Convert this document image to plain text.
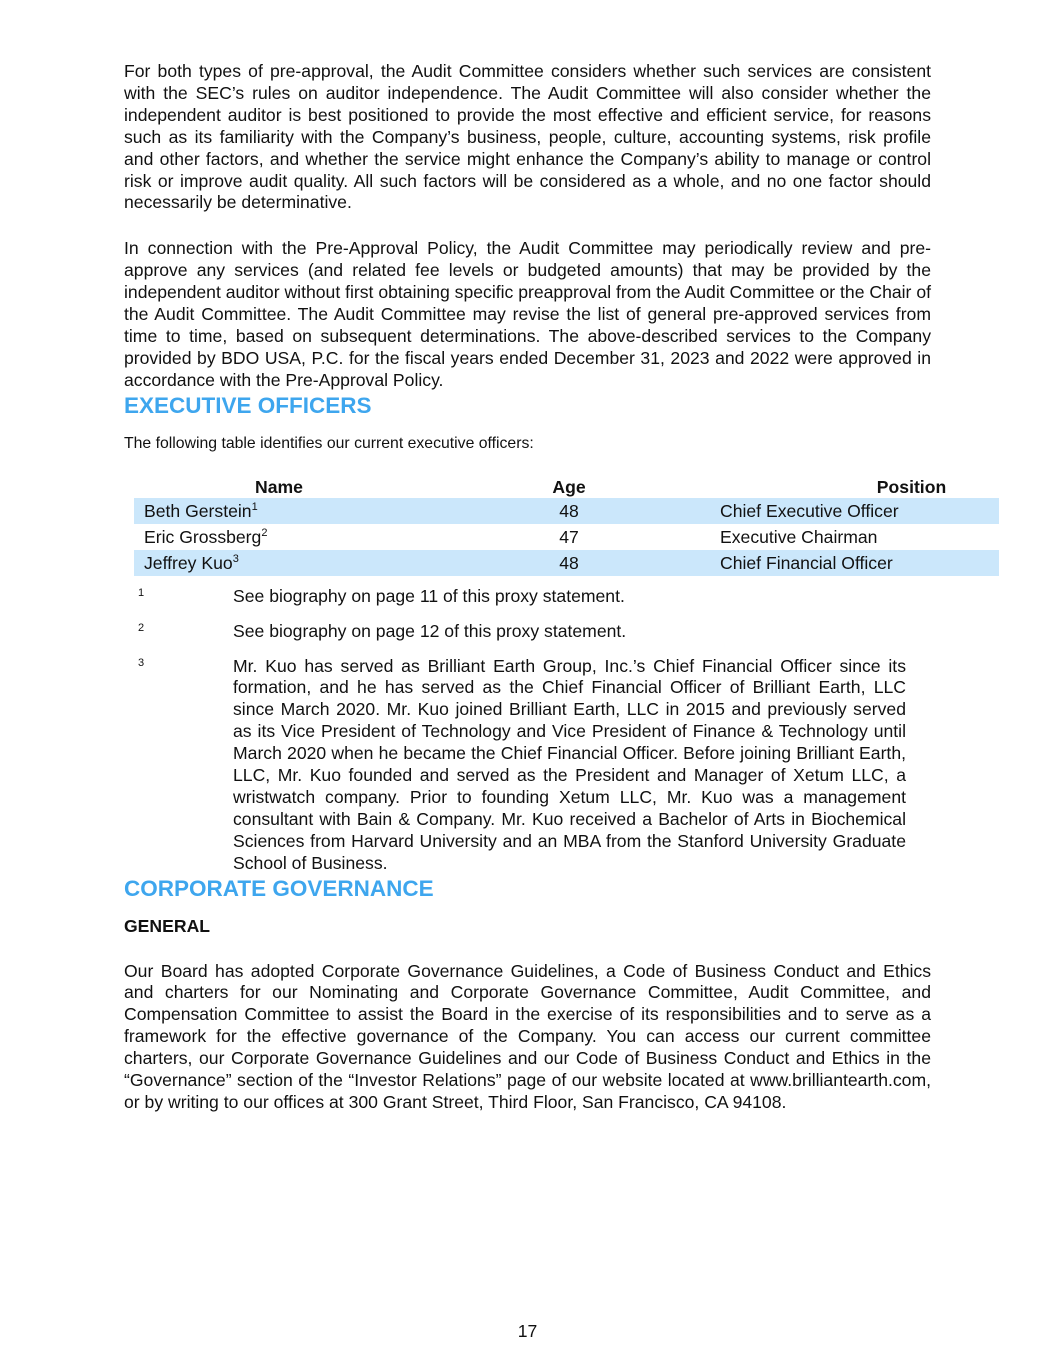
For both types of pre-approval, the Audit Committee considers whether such services are consistent with the SEC’s rules on auditor independence. The Audit Committee will also consider whether the independent auditor is best positioned to provide the most effective and efficient service, for reasons such as its familiarity with the Company’s business, people, culture, accounting systems, risk profile and other factors, and whether the service might enhance the Company’s ability to manage or control risk or improve audit quality. All such factors will be considered as a whole, and no one factor should necessarily be determinative.

In connection with the Pre-Approval Policy, the Audit Committee may periodically review and pre-approve any services (and related fee levels or budgeted amounts) that may be provided by the independent auditor without first obtaining specific preapproval from the Audit Committee or the Chair of the Audit Committee. The Audit Committee may revise the list of general pre-approved services from time to time, based on subsequent determinations. The above-described services to the Company provided by BDO USA, P.C. for the fiscal years ended December 31, 2023 and 2022 were approved in accordance with the Pre-Approval Policy.

EXECUTIVE OFFICERS
The following table identifies our current executive officers:
Name	Age	Position
Beth Gerstein$^1$	48	Chief Executive Officer
Eric Grossberg$^2$	47	Executive Chairman
Jeffrey Kuo$^3$	48	Chief Financial Officer
1	See biography on page 11 of this proxy statement.
2	See biography on page 12 of this proxy statement.
3	Mr. Kuo has served as Brilliant Earth Group, Inc.’s Chief Financial Officer since its formation, and he has served as the Chief Financial Officer of Brilliant Earth, LLC since March 2020. Mr. Kuo joined Brilliant Earth, LLC in 2015 and previously served as its Vice President of Technology and Vice President of Finance & Technology until March 2020 when he became the Chief Financial Officer. Before joining Brilliant Earth, LLC, Mr. Kuo founded and served as the President and Manager of Xetum LLC, a wristwatch company. Prior to founding Xetum LLC, Mr. Kuo was a management consultant with Bain & Company. Mr. Kuo received a Bachelor of Arts in Biochemical Sciences from Harvard University and an MBA from the Stanford University Graduate School of Business.
CORPORATE GOVERNANCE
GENERAL

Our Board has adopted Corporate Governance Guidelines, a Code of Business Conduct and Ethics and charters for our Nominating and Corporate Governance Committee, Audit Committee, and Compensation Committee to assist the Board in the exercise of its responsibilities and to serve as a framework for the effective governance of the Company. You can access our current committee charters, our Corporate Governance Guidelines and our Code of Business Conduct and Ethics in the “Governance” section of the “Investor Relations” page of our website located at www.brilliantearth.com, or by writing to our offices at 300 Grant Street, Third Floor, San Francisco, CA 94108.

17
